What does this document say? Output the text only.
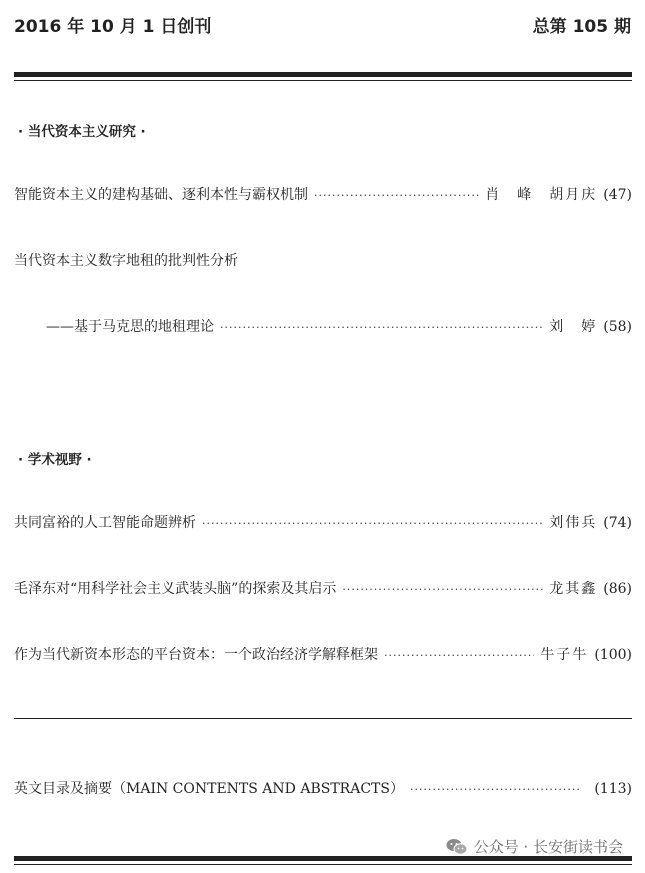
2016 年 10 月 1 日创刊	总第 105 期
· 当代资本主义研究 ·
智能资本主义的建构基础、逐利本性与霸权机制 ·····	肖　峰　胡月庆 (47)
当代资本主义数字地租的批判性分析
——基于马克思的地租理论 ·····	刘　婷 (58)
· 学术视野 ·
共同富裕的人工智能命题辨析 ·····	刘伟兵 (74)
毛泽东对“用科学社会主义武装头脑”的探索及其启示 ·····	龙其鑫 (86)
作为当代新资本形态的平台资本：一个政治经济学解释框架 ·····	牛子牛 (100)
英文目录及摘要（MAIN CONTENTS AND ABSTRACTS） ·····	(113)
公众号 · 长安街读书会
